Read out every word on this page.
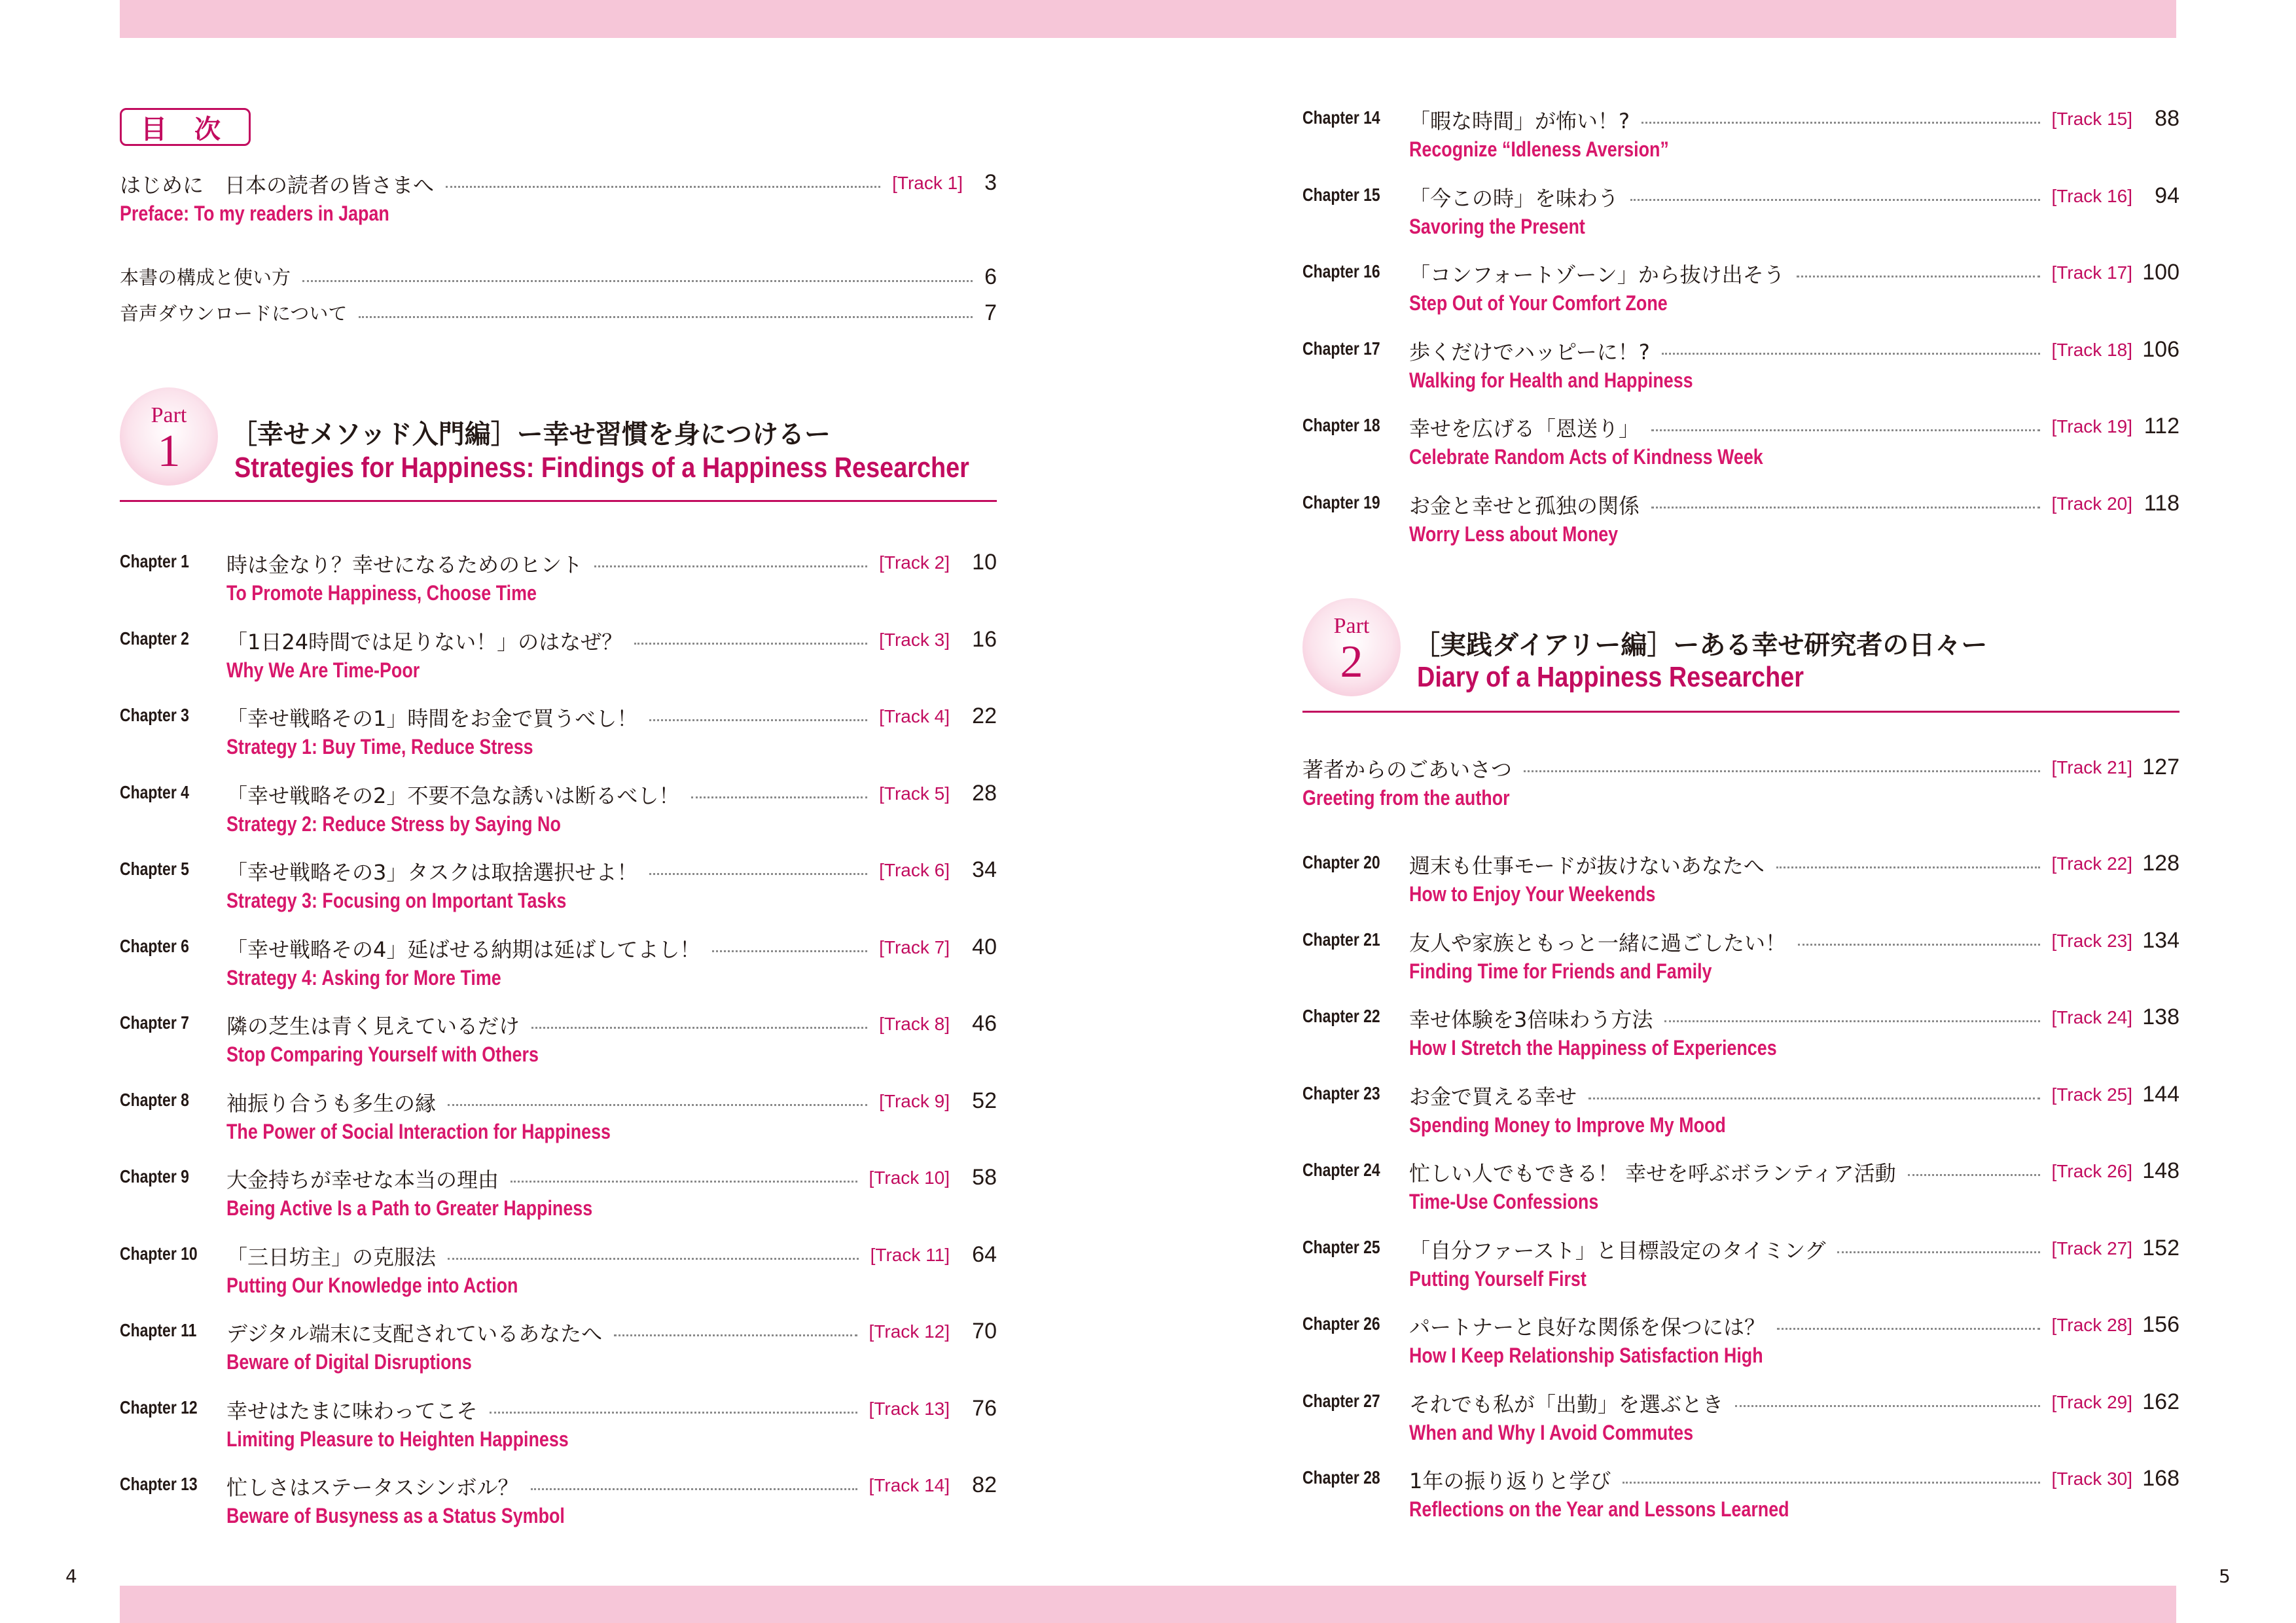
4	5
目 次
はじめに　日本の読者の皆さまへ	[Track 1] 3
Preface: To my readers in Japan
本書の構成と使い方	6
音声ダウンロードについて	7
Part
1	［幸せメソッド入門編］ー幸せ習慣を身につけるー
Strategies for Happiness: Findings of a Happiness Researcher
Chapter 1 時は金なり？幸せになるためのヒント	[Track 2] 10
To Promote Happiness, Choose Time
Chapter 2 「1日24時間では足りない！」のはなぜ？	[Track 3] 16
Why We Are Time-Poor
Chapter 3 「幸せ戦略その1」時間をお金で買うべし！	[Track 4] 22
Strategy 1: Buy Time, Reduce Stress
Chapter 4 「幸せ戦略その2」不要不急な誘いは断るべし！	[Track 5] 28
Strategy 2: Reduce Stress by Saying No
Chapter 5 「幸せ戦略その3」タスクは取捨選択せよ！	[Track 6] 34
Strategy 3: Focusing on Important Tasks
Chapter 6 「幸せ戦略その4」延ばせる納期は延ばしてよし！	[Track 7] 40
Strategy 4: Asking for More Time
Chapter 7 隣の芝生は青く見えているだけ	[Track 8] 46
Stop Comparing Yourself with Others
Chapter 8 袖振り合うも多生の縁	[Track 9] 52
The Power of Social Interaction for Happiness
Chapter 9 大金持ちが幸せな本当の理由	[Track 10] 58
Being Active Is a Path to Greater Happiness
Chapter 10 「三日坊主」の克服法	[Track 11] 64
Putting Our Knowledge into Action
Chapter 11 デジタル端末に支配されているあなたへ	[Track 12] 70
Beware of Digital Disruptions
Chapter 12 幸せはたまに味わってこそ	[Track 13] 76
Limiting Pleasure to Heighten Happiness
Chapter 13 忙しさはステータスシンボル？	[Track 14] 82
Beware of Busyness as a Status Symbol
Chapter 14 「暇な時間」が怖い！?	[Track 15] 88
Recognize “Idleness Aversion”
Chapter 15 「今この時」を味わう	[Track 16] 94
Savoring the Present
Chapter 16 「コンフォートゾーン」から抜け出そう	[Track 17] 100
Step Out of Your Comfort Zone
Chapter 17 歩くだけでハッピーに！?	[Track 18] 106
Walking for Health and Happiness
Chapter 18 幸せを広げる「恩送り」	[Track 19] 112
Celebrate Random Acts of Kindness Week
Chapter 19 お金と幸せと孤独の関係	[Track 20] 118
Worry Less about Money
Part
2	［実践ダイアリー編］ーある幸せ研究者の日々ー
Diary of a Happiness Researcher
著者からのごあいさつ	[Track 21] 127
Greeting from the author
Chapter 20 週末も仕事モードが抜けないあなたへ	[Track 22] 128
How to Enjoy Your Weekends
Chapter 21 友人や家族ともっと一緒に過ごしたい！	[Track 23] 134
Finding Time for Friends and Family
Chapter 22 幸せ体験を3倍味わう方法	[Track 24] 138
How I Stretch the Happiness of Experiences
Chapter 23 お金で買える幸せ	[Track 25] 144
Spending Money to Improve My Mood
Chapter 24 忙しい人でもできる！ 幸せを呼ぶボランティア活動	[Track 26] 148
Time-Use Confessions
Chapter 25 「自分ファースト」と目標設定のタイミング	[Track 27] 152
Putting Yourself First
Chapter 26 パートナーと良好な関係を保つには？	[Track 28] 156
How I Keep Relationship Satisfaction High
Chapter 27 それでも私が「出勤」を選ぶとき	[Track 29] 162
When and Why I Avoid Commutes
Chapter 28 1年の振り返りと学び	[Track 30] 168
Reflections on the Year and Lessons Learned
